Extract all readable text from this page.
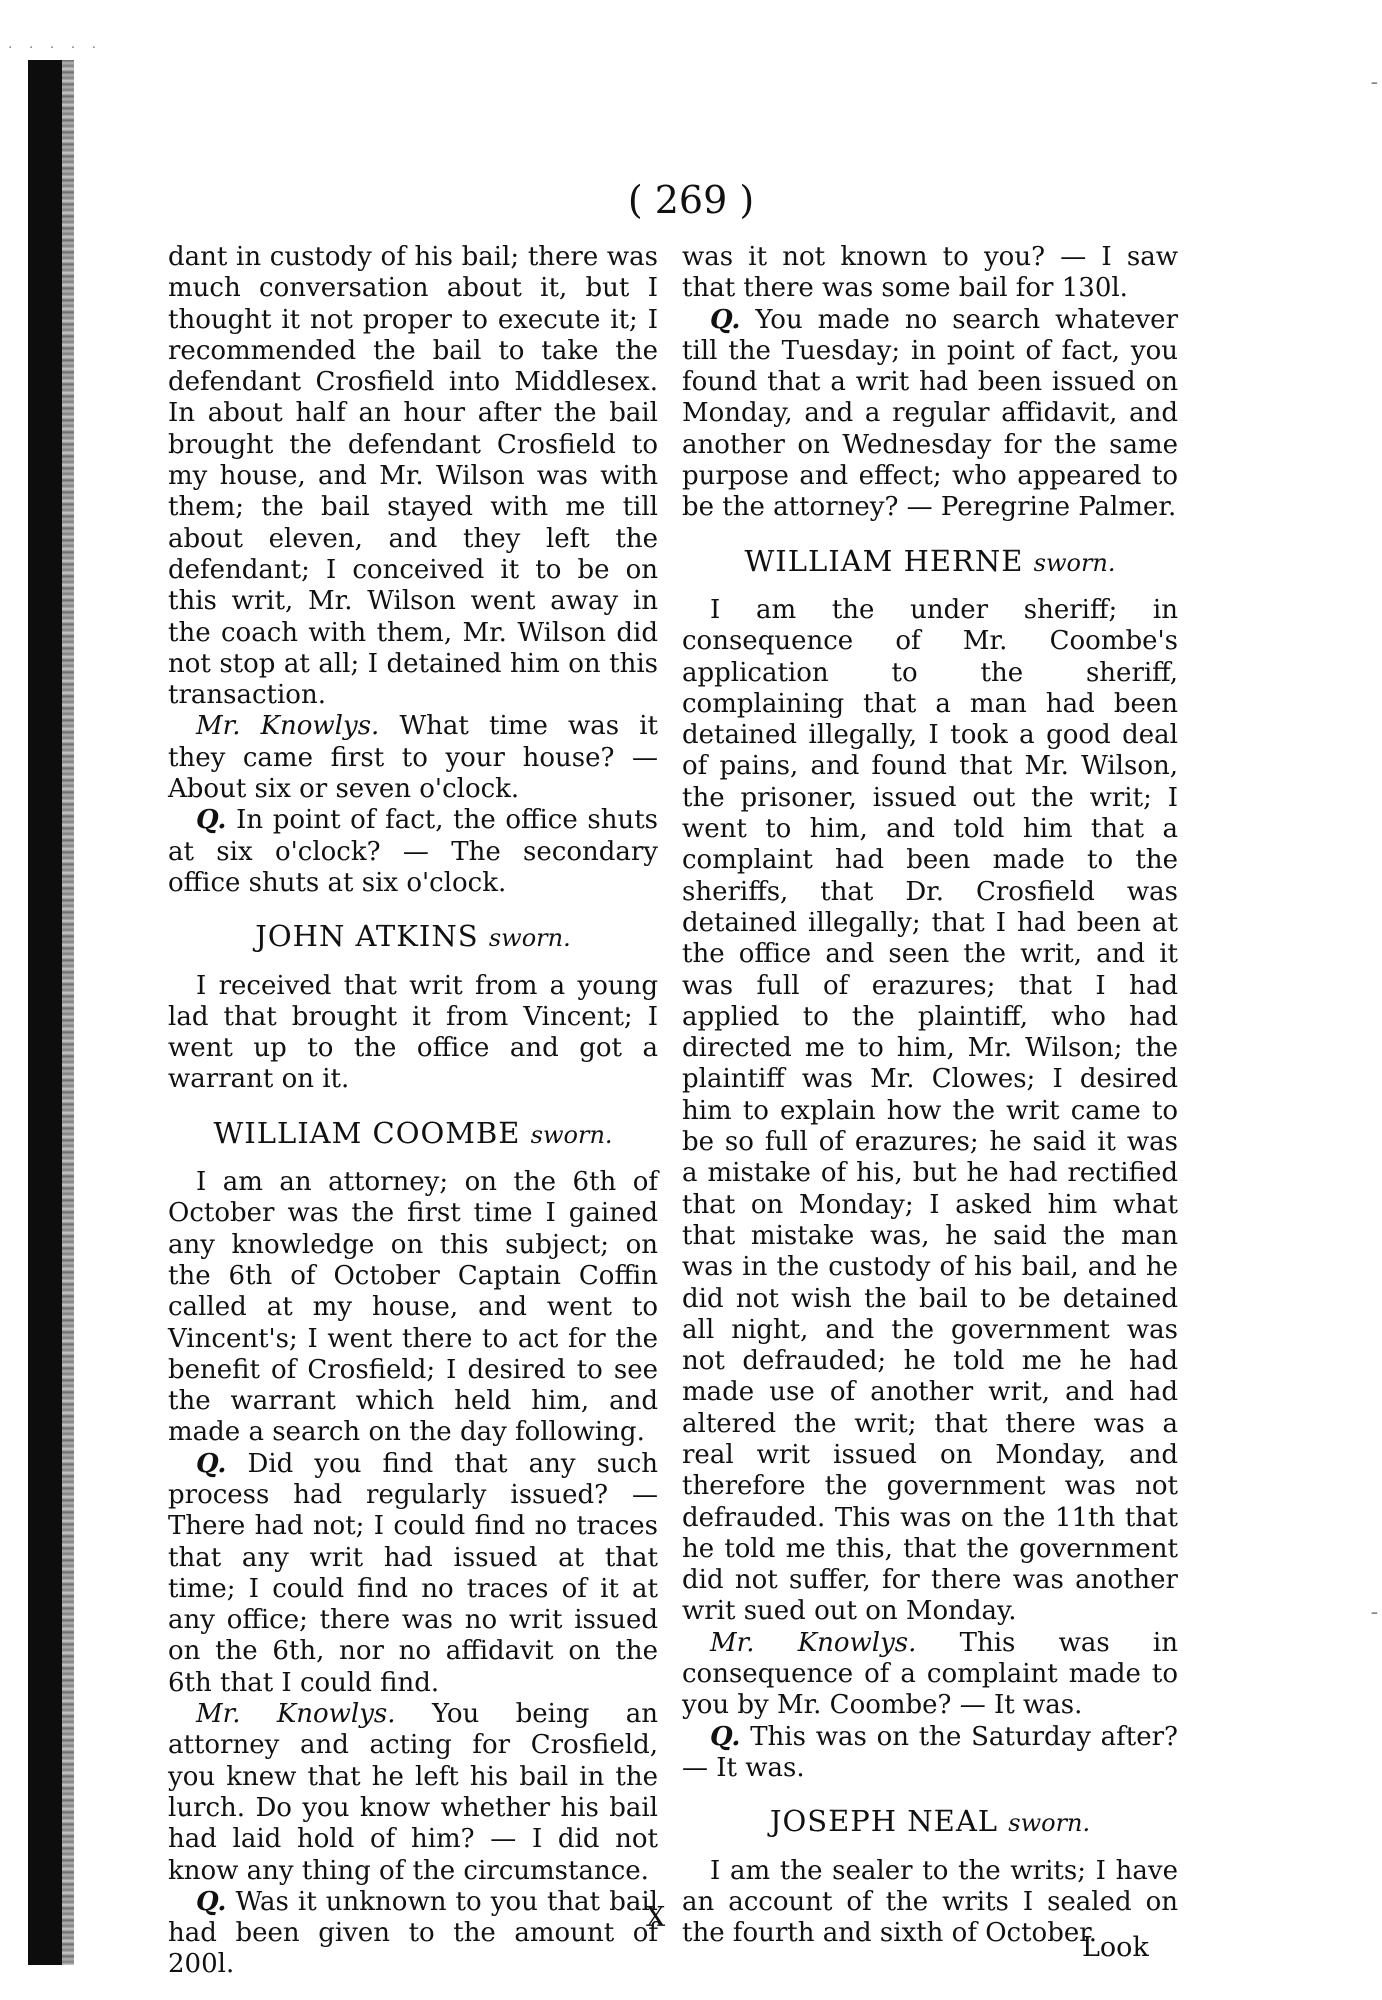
· · · · ·
-
-
( 269 )

dant in custody of his bail; there was much conversation about it, but I thought it not proper to execute it; I recommended the bail to take the defendant Crosfield into Middlesex. In about half an hour after the bail brought the defendant Crosfield to my house, and Mr. Wilson was with them; the bail stayed with me till about eleven, and they left the defendant; I conceived it to be on this writ, Mr. Wilson went away in the coach with them, Mr. Wilson did not stop at all; I detained him on this transaction.

Mr. Knowlys. What time was it they came first to your house? — About six or seven o'clock.

Q. In point of fact, the office shuts at six o'clock? — The secondary office shuts at six o'clock.

JOHN ATKINS sworn.

I received that writ from a young lad that brought it from Vincent; I went up to the office and got a warrant on it.

WILLIAM COOMBE sworn.

I am an attorney; on the 6th of October was the first time I gained any knowledge on this subject; on the 6th of October Captain Coffin called at my house, and went to Vincent's; I went there to act for the benefit of Crosfield; I desired to see the warrant which held him, and made a search on the day following.

Q. Did you find that any such process had regularly issued? — There had not; I could find no traces that any writ had issued at that time; I could find no traces of it at any office; there was no writ issued on the 6th, nor no affidavit on the 6th that I could find.

Mr. Knowlys. You being an attorney and acting for Crosfield, you knew that he left his bail in the lurch. Do you know whether his bail had laid hold of him? — I did not know any thing of the circumstance.

Q. Was it unknown to you that bail had been given to the amount of 200l.

was it not known to you? — I saw that there was some bail for 130l.

Q. You made no search whatever till the Tuesday; in point of fact, you found that a writ had been issued on Monday, and a regular affidavit, and another on Wednesday for the same purpose and effect; who appeared to be the attorney? — Peregrine Palmer.

WILLIAM HERNE sworn.

I am the under sheriff; in consequence of Mr. Coombe's application to the sheriff, complaining that a man had been detained illegally, I took a good deal of pains, and found that Mr. Wilson, the prisoner, issued out the writ; I went to him, and told him that a complaint had been made to the sheriffs, that Dr. Crosfield was detained illegally; that I had been at the office and seen the writ, and it was full of erazures; that I had applied to the plaintiff, who had directed me to him, Mr. Wilson; the plaintiff was Mr. Clowes; I desired him to explain how the writ came to be so full of erazures; he said it was a mistake of his, but he had rectified that on Monday; I asked him what that mistake was, he said the man was in the custody of his bail, and he did not wish the bail to be detained all night, and the government was not defrauded; he told me he had made use of another writ, and had altered the writ; that there was a real writ issued on Monday, and therefore the government was not defrauded. This was on the 11th that he told me this, that the government did not suffer, for there was another writ sued out on Monday.

Mr. Knowlys. This was in consequence of a complaint made to you by Mr. Coombe? — It was.

Q. This was on the Saturday after? — It was.

JOSEPH NEAL sworn.

I am the sealer to the writs; I have an account of the writs I sealed on the fourth and sixth of October.

X
Look
